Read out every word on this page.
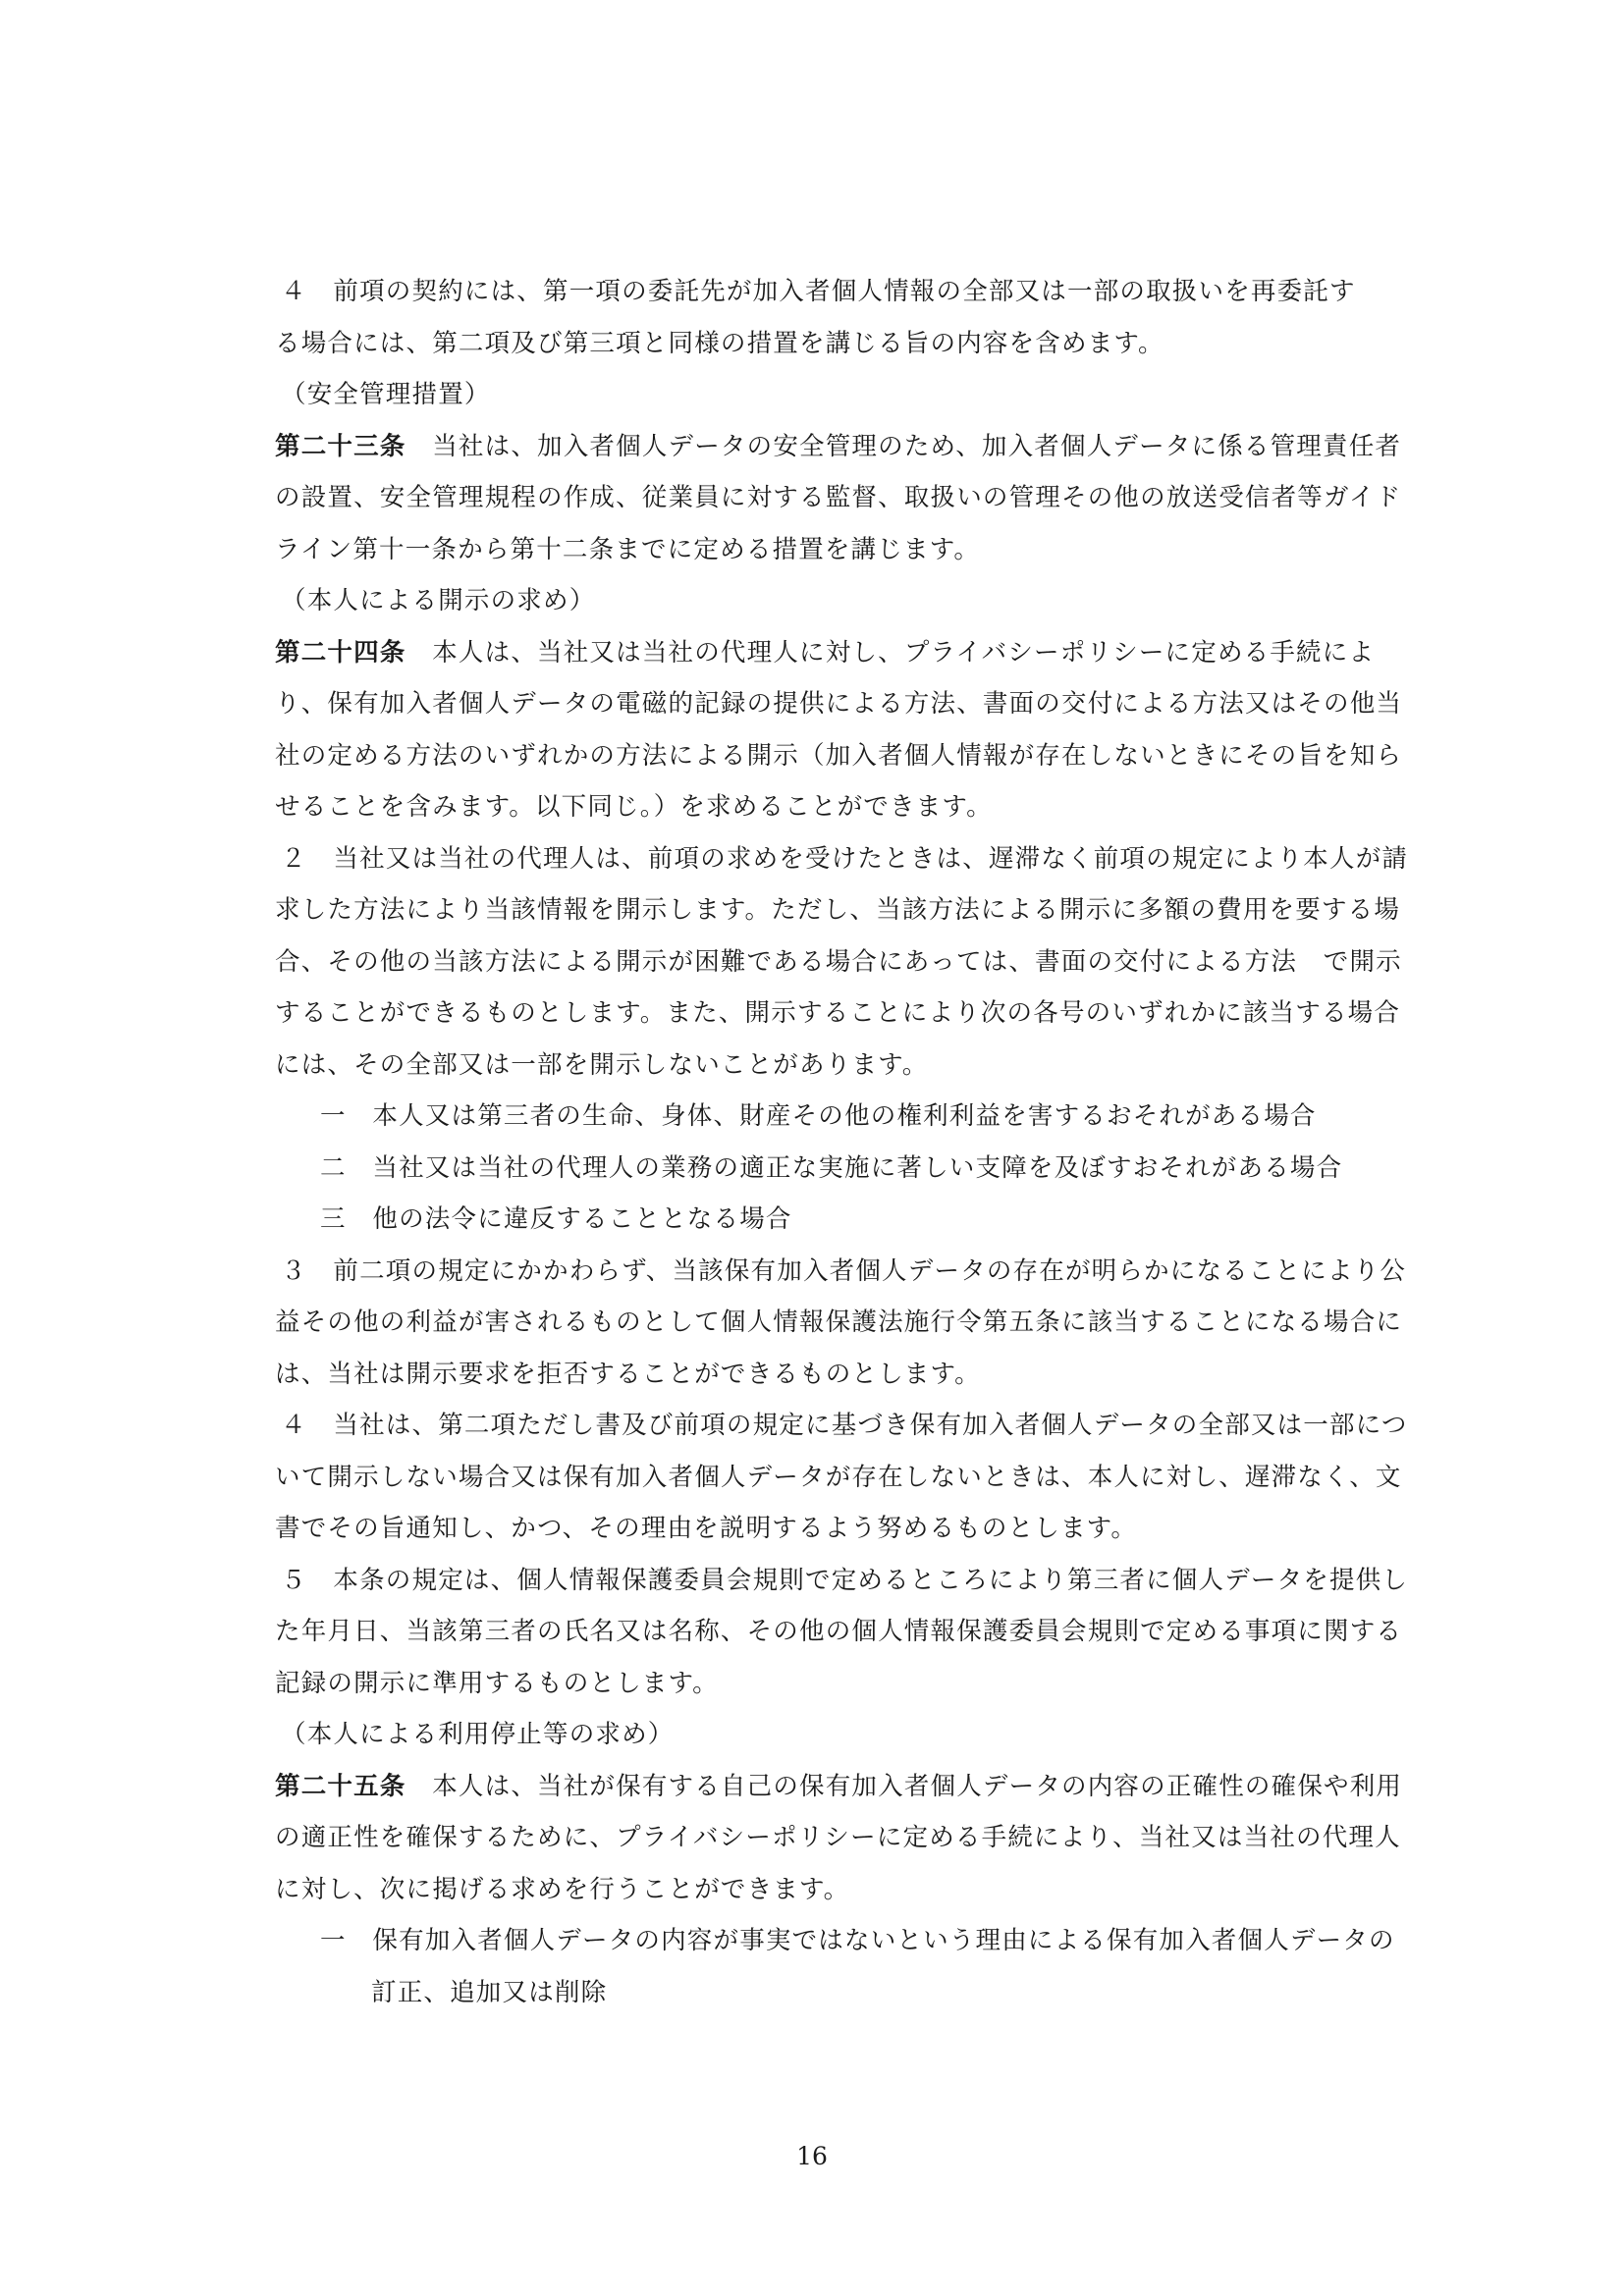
４　前項の契約には、第一項の委託先が加入者個人情報の全部又は一部の取扱いを再委託す
る場合には、第二項及び第三項と同様の措置を講じる旨の内容を含めます。
（安全管理措置）
第二十三条　当社は、加入者個人データの安全管理のため、加入者個人データに係る管理責任者
の設置、安全管理規程の作成、従業員に対する監督、取扱いの管理その他の放送受信者等ガイド
ライン第十一条から第十二条までに定める措置を講じます。
（本人による開示の求め）
第二十四条　本人は、当社又は当社の代理人に対し、プライバシーポリシーに定める手続によ
り、保有加入者個人データの電磁的記録の提供による方法、書面の交付による方法又はその他当
社の定める方法のいずれかの方法による開示（加入者個人情報が存在しないときにその旨を知ら
せることを含みます。以下同じ。）を求めることができます。
２　当社又は当社の代理人は、前項の求めを受けたときは、遅滞なく前項の規定により本人が請
求した方法により当該情報を開示します。ただし、当該方法による開示に多額の費用を要する場
合、その他の当該方法による開示が困難である場合にあっては、書面の交付による方法　で開示
することができるものとします。また、開示することにより次の各号のいずれかに該当する場合
には、その全部又は一部を開示しないことがあります。
一　本人又は第三者の生命、身体、財産その他の権利利益を害するおそれがある場合
二　当社又は当社の代理人の業務の適正な実施に著しい支障を及ぼすおそれがある場合
三　他の法令に違反することとなる場合
３　前二項の規定にかかわらず、当該保有加入者個人データの存在が明らかになることにより公
益その他の利益が害されるものとして個人情報保護法施行令第五条に該当することになる場合に
は、当社は開示要求を拒否することができるものとします。
４　当社は、第二項ただし書及び前項の規定に基づき保有加入者個人データの全部又は一部につ
いて開示しない場合又は保有加入者個人データが存在しないときは、本人に対し、遅滞なく、文
書でその旨通知し、かつ、その理由を説明するよう努めるものとします。
５　本条の規定は、個人情報保護委員会規則で定めるところにより第三者に個人データを提供し
た年月日、当該第三者の氏名又は名称、その他の個人情報保護委員会規則で定める事項に関する
記録の開示に準用するものとします。
（本人による利用停止等の求め）
第二十五条　本人は、当社が保有する自己の保有加入者個人データの内容の正確性の確保や利用
の適正性を確保するために、プライバシーポリシーに定める手続により、当社又は当社の代理人
に対し、次に掲げる求めを行うことができます。
一　保有加入者個人データの内容が事実ではないという理由による保有加入者個人データの
訂正、追加又は削除
16
